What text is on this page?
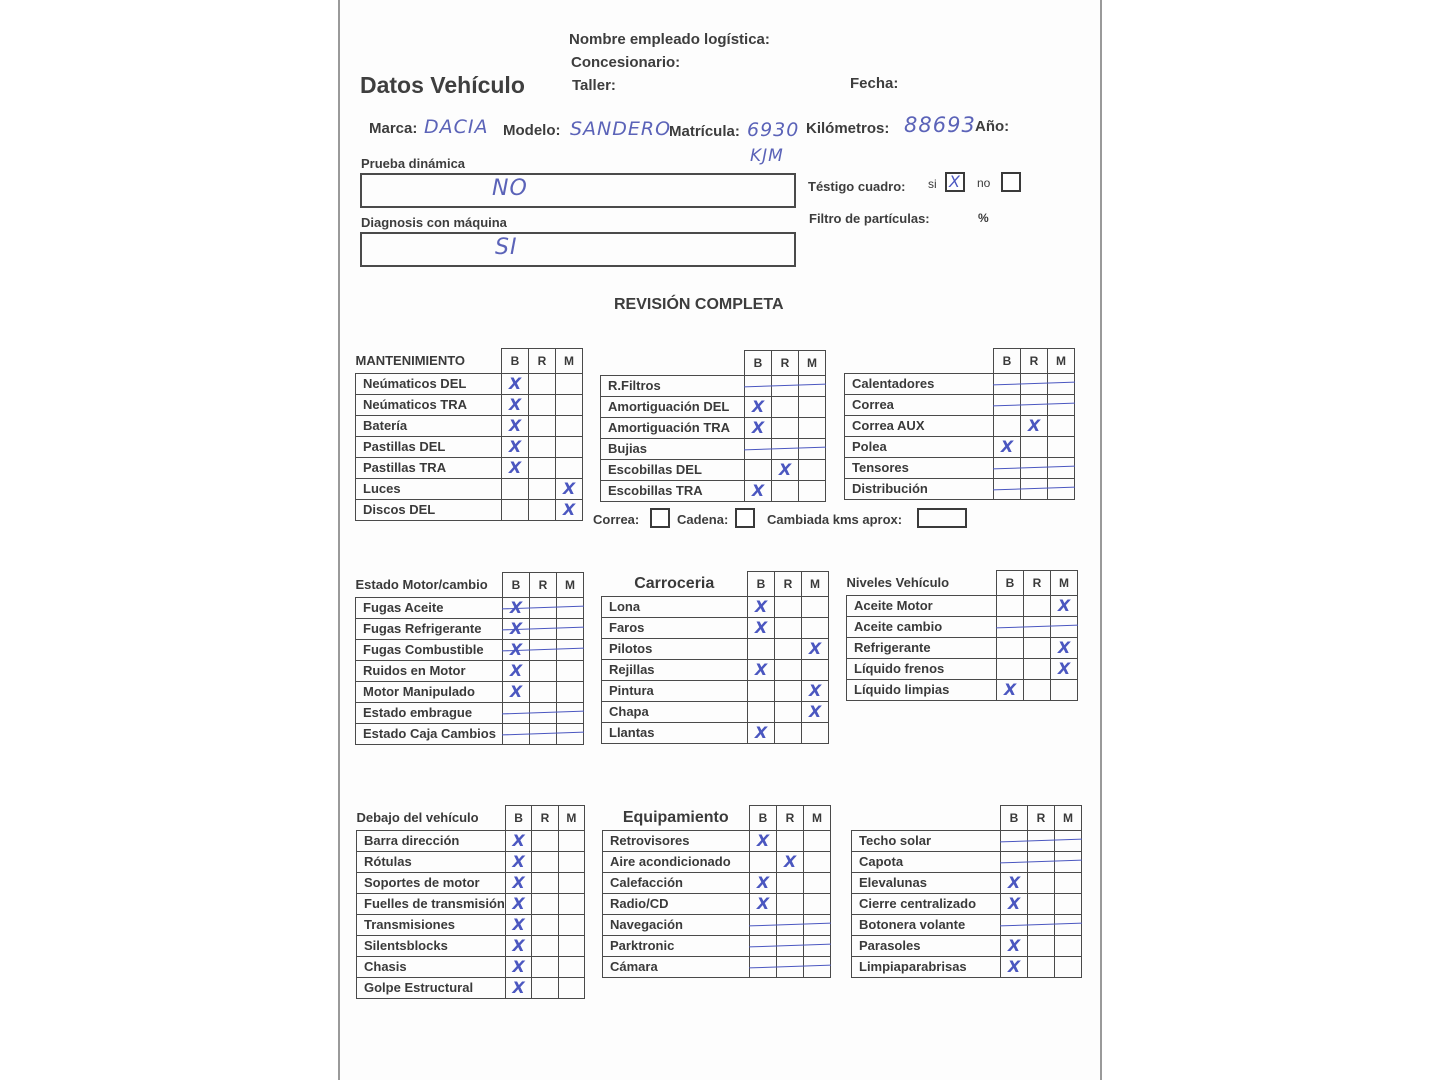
Datos Vehículo
Nombre empleado logística:
Concesionario:
Taller:	Fecha:
Marca: DACIA Modelo: SANDERO
Matrícula: 6930
KJM
Kilómetros: 88693 Año:
Prueba dinámica
NO
Diagnosis con máquina
SI
Téstigo cuadro: si X no
Filtro de partículas:	%
REVISIÓN COMPLETA
Correa:	Cadena:	Cambiada kms aprox:
MANTENIMIENTO	B	R	M
Neúmaticos DEL	X		
Neúmaticos TRA	X		
Batería	X		
Pastillas DEL	X		
Pastillas TRA	X		
Luces			X
Discos DEL			X
	B	R	M
R.Filtros		

Amortiguación DEL	X		
Amortiguación TRA	X		
Bujias		

Escobillas DEL		X	
Escobillas TRA	X		
	B	R	M
Calentadores		

Correa		

Correa AUX		X	
Polea	X		
Tensores		

Distribución		

Estado Motor/cambio	B	R	M
Fugas Aceite	X	

Fugas Refrigerante	X	

Fugas Combustible	X	

Ruidos en Motor	X		
Motor Manipulado	X		
Estado embrague		

Estado Caja Cambios		

Carroceria	B	R	M
Lona	X		
Faros	X		
Pilotos			X
Rejillas	X		
Pintura			X
Chapa			X
Llantas	X		
Niveles Vehículo	B	R	M
Aceite Motor			X
Aceite cambio		

Refrigerante			X
Líquido frenos			X
Líquido limpias	X		
Debajo del vehículo	B	R	M
Barra dirección	X		
Rótulas	X		
Soportes de motor	X		
Fuelles de transmisión	X		
Transmisiones	X		
Silentsblocks	X		
Chasis	X		
Golpe Estructural	X		
Equipamiento	B	R	M
Retrovisores	X		
Aire acondicionado		X	
Calefacción	X		
Radio/CD	X		
Navegación		

Parktronic		

Cámara		

	B	R	M
Techo solar		

Capota		

Elevalunas	X		
Cierre centralizado	X		
Botonera volante		

Parasoles	X		
Limpiaparabrisas	X		
